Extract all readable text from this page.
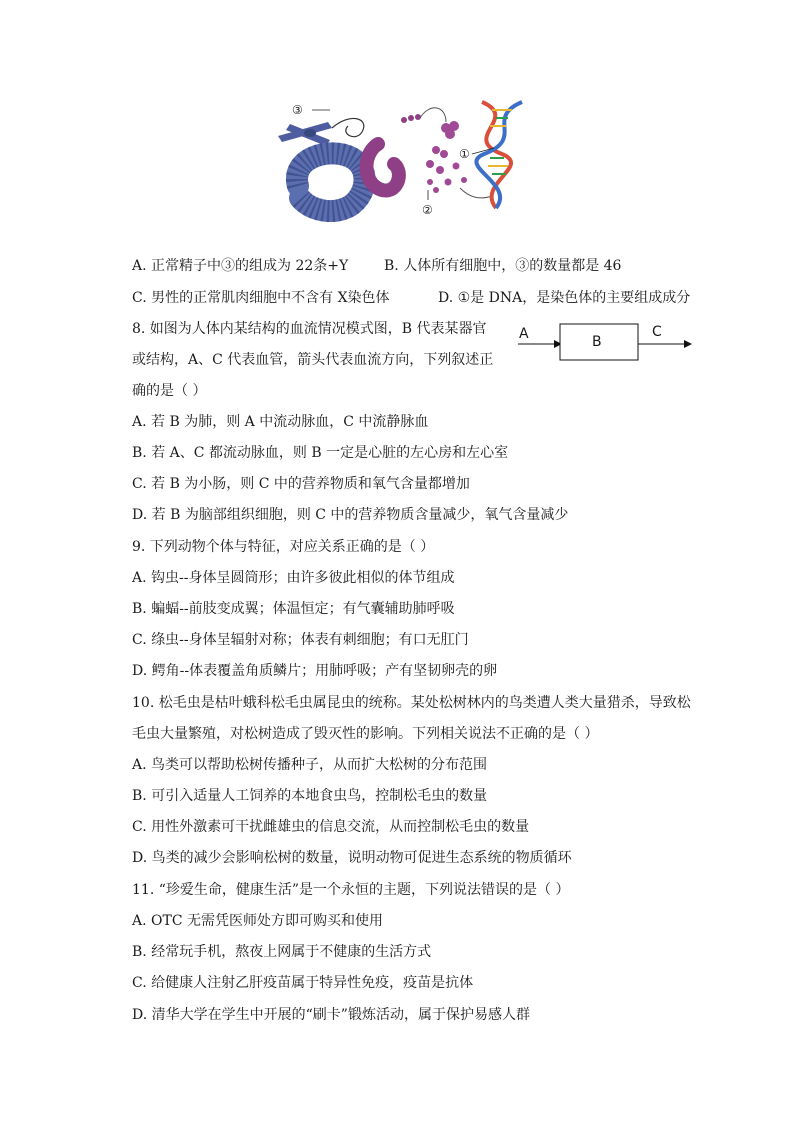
③
①
②
A. 正常精子中③的组成为 22条+Y	B. 人体所有细胞中，③的数量都是 46
C. 男性的正常肌肉细胞中不含有 X染色体	D. ①是 DNA，是染色体的主要组成成分
8. 如图为人体内某结构的血流情况模式图，B 代表某器官
或结构，A、C 代表血管，箭头代表血流方向，下列叙述正
确的是（ ）
A	B
C
A. 若 B 为肺，则 A 中流动脉血，C 中流静脉血
B. 若 A、C 都流动脉血，则 B 一定是心脏的左心房和左心室
C. 若 B 为小肠，则 C 中的营养物质和氧气含量都增加
D. 若 B 为脑部组织细胞，则 C 中的营养物质含量减少，氧气含量减少
9. 下列动物个体与特征，对应关系正确的是（ ）
A. 钩虫--身体呈圆筒形；由许多彼此相似的体节组成
B. 蝙蝠--前肢变成翼；体温恒定；有气囊辅助肺呼吸
C. 绦虫--身体呈辐射对称；体表有刺细胞；有口无肛门
D. 鳄角--体表覆盖角质鳞片；用肺呼吸；产有坚韧卵壳的卵
10. 松毛虫是枯叶蛾科松毛虫属昆虫的统称。某处松树林内的鸟类遭人类大量猎杀，导致松
毛虫大量繁殖，对松树造成了毁灭性的影响。下列相关说法不正确的是（ ）
A. 鸟类可以帮助松树传播种子，从而扩大松树的分布范围
B. 可引入适量人工饲养的本地食虫鸟，控制松毛虫的数量
C. 用性外激素可干扰雌雄虫的信息交流，从而控制松毛虫的数量
D. 鸟类的减少会影响松树的数量，说明动物可促进生态系统的物质循环
11. “珍爱生命，健康生活”是一个永恒的主题，下列说法错误的是（ ）
A. OTC 无需凭医师处方即可购买和使用
B. 经常玩手机，熬夜上网属于不健康的生活方式
C. 给健康人注射乙肝疫苗属于特异性免疫，疫苗是抗体
D. 清华大学在学生中开展的“刷卡”锻炼活动，属于保护易感人群
